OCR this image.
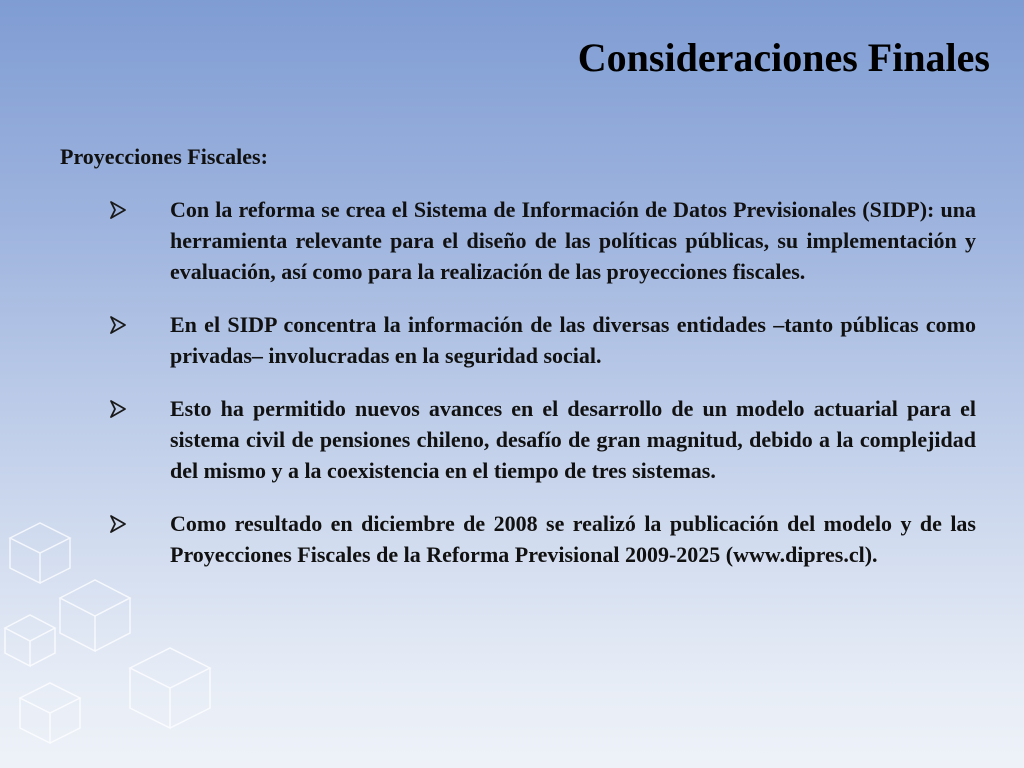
Consideraciones Finales
Proyecciones Fiscales:
Con la reforma se crea el Sistema de Información de Datos Previsionales (SIDP): una herramienta relevante para el diseño de las políticas públicas, su implementación y evaluación, así como para la realización de las proyecciones fiscales.
En el SIDP concentra la información de las diversas entidades –tanto públicas como privadas– involucradas en la seguridad social.
Esto ha permitido nuevos avances en el desarrollo de un modelo actuarial para el sistema civil de pensiones chileno, desafío de gran magnitud, debido a la complejidad del mismo y a la coexistencia en el tiempo de tres sistemas.
Como resultado en diciembre de 2008 se realizó la publicación del modelo y de las Proyecciones Fiscales de la Reforma Previsional 2009-2025 (www.dipres.cl).
